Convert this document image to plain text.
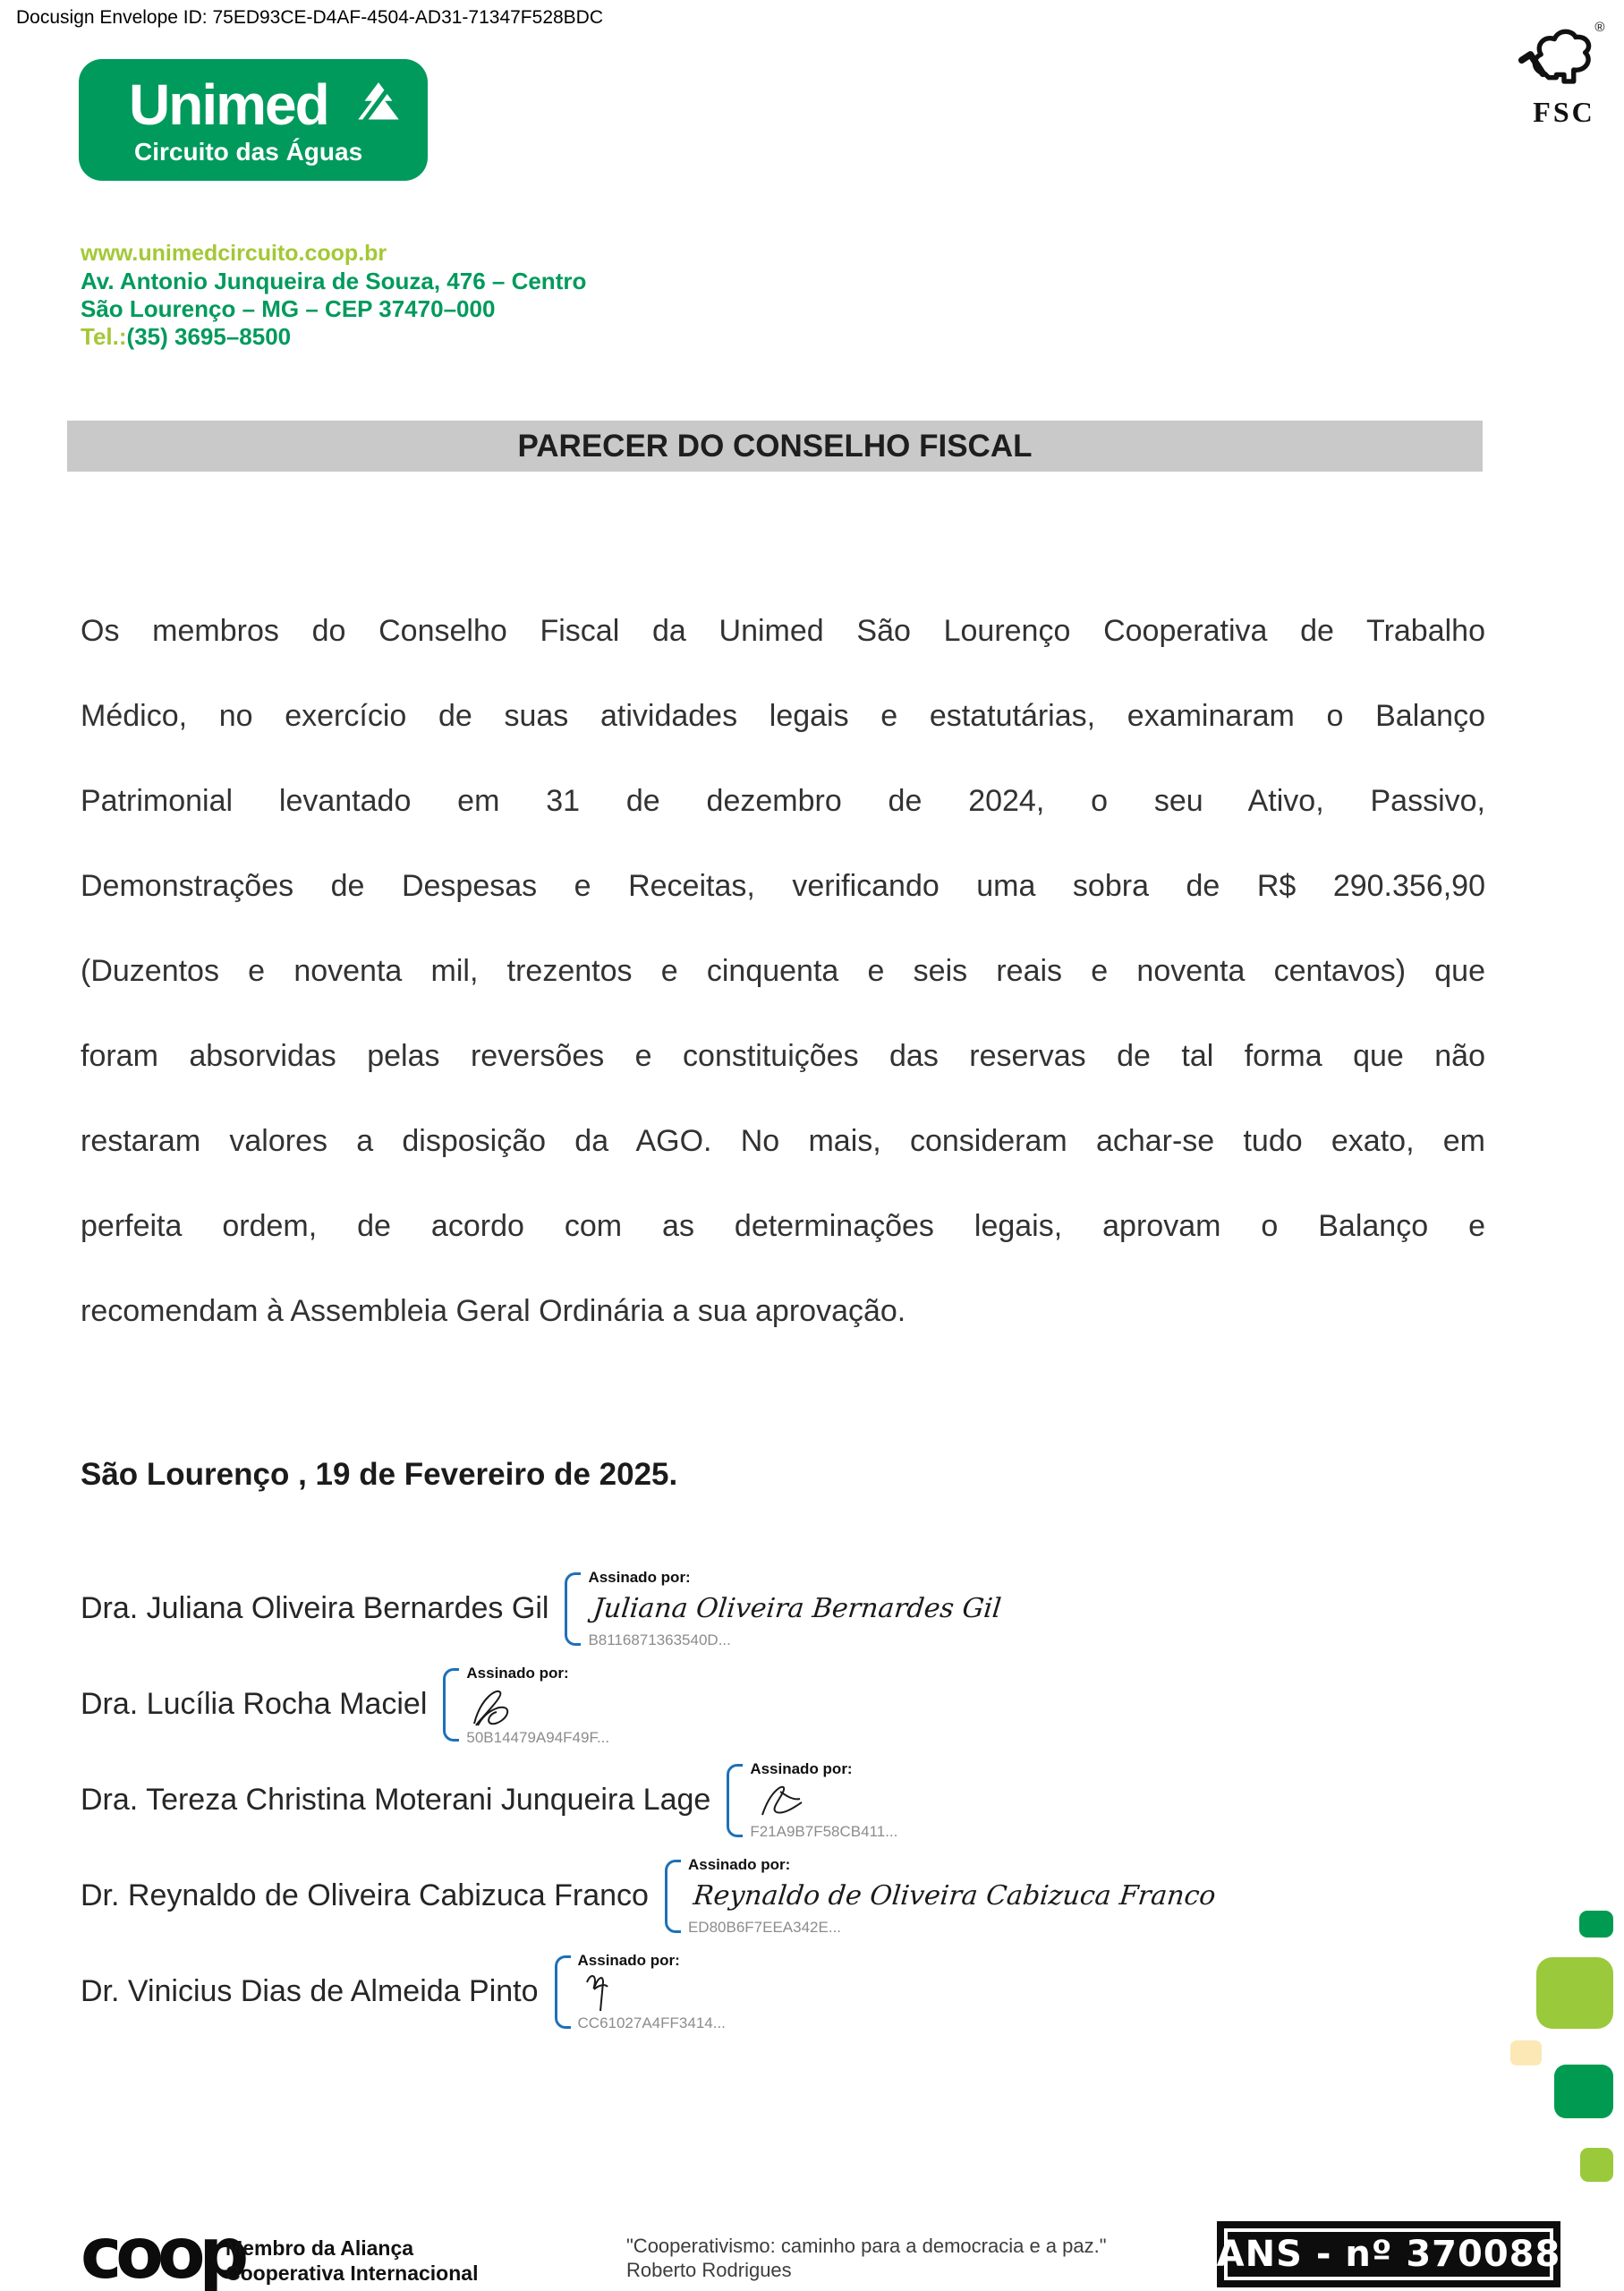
Docusign Envelope ID: 75ED93CE-D4AF-4504-AD31-71347F528BDC
Unimed
Circuito das Águas
®
FSC
www.unimedcircuito.coop.br
Av. Antonio Junqueira de Souza, 476 – Centro
São Lourenço – MG – CEP 37470–000
Tel.:(35) 3695–8500
PARECER DO CONSELHO FISCAL
Os membros do Conselho Fiscal da Unimed São Lourenço Cooperativa de Trabalho
Médico, no exercício de suas atividades legais e estatutárias, examinaram o Balanço
Patrimonial levantado em 31 de dezembro de 2024, o seu Ativo, Passivo,
Demonstrações de Despesas e Receitas, verificando uma sobra de R$ 290.356,90
(Duzentos e noventa mil, trezentos e cinquenta e seis reais e noventa centavos) que
foram absorvidas pelas reversões e constituições das reservas de tal forma que não
restaram valores a disposição da AGO. No mais, consideram achar-se tudo exato, em
perfeita ordem, de acordo com as determinações legais, aprovam o Balanço e
recomendam à Assembleia Geral Ordinária a sua aprovação.
São Lourenço , 19 de Fevereiro de 2025.
Dra. Juliana Oliveira Bernardes Gil
Assinado por:
Juliana Oliveira Bernardes Gil
B8116871363540D...
Dra. Lucília Rocha Maciel
Assinado por:
50B14479A94F49F...
Dra. Tereza Christina Moterani Junqueira Lage
Assinado por:
F21A9B7F58CB411...
Dr. Reynaldo de Oliveira Cabizuca Franco
Assinado por:
Reynaldo de Oliveira Cabizuca Franco
ED80B6F7EEA342E...
Dr. Vinicius Dias de Almeida Pinto
Assinado por:
CC61027A4FF3414...
coop
Membro da Aliança
Cooperativa Internacional
"Cooperativismo: caminho para a democracia e a paz."
Roberto Rodrigues	ANS - nº 370088
